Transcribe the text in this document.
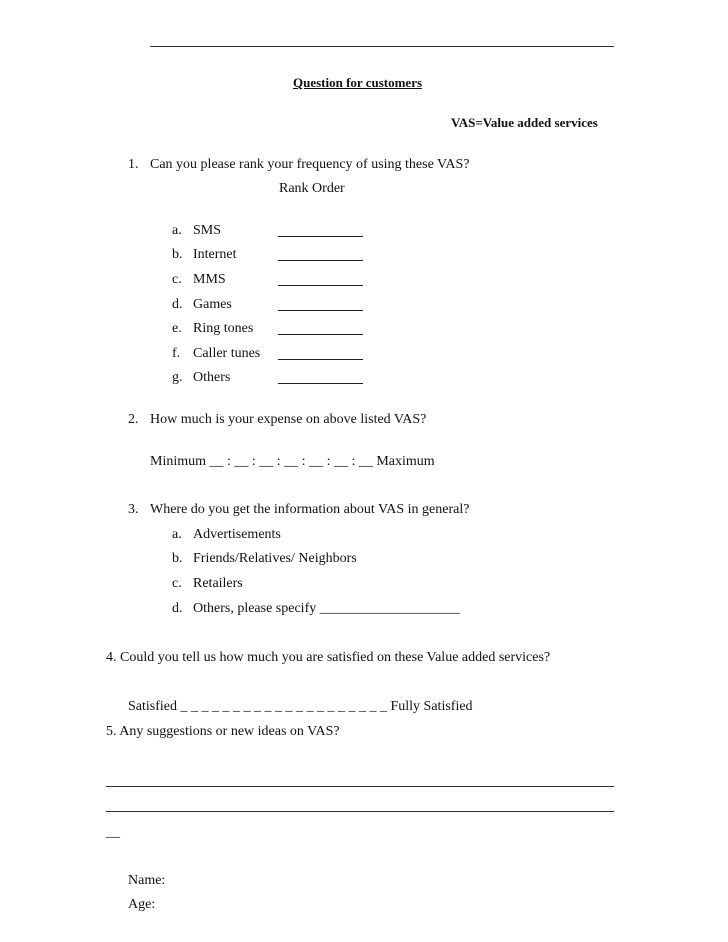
Question for customers
VAS=Value added services
1. Can you please rank your frequency of using these VAS?
Rank Order
a. SMS
b. Internet
c. MMS
d. Games
e. Ring tones
f. Caller tunes
g. Others
2. How much is your expense on above listed VAS?
Minimum __ : __ : __ : __ : __ : __ : __ Maximum
3. Where do you get the information about VAS in general?
a. Advertisements
b. Friends/Relatives/ Neighbors
c. Retailers
d. Others, please specify ____________________
4. Could you tell us how much you are satisfied on these Value added services?
Satisfied _ _ _ _ _ _ _ _ _ _ _ _ _ _ _ _ _ _ _ _ Fully Satisfied
5. Any suggestions or new ideas on VAS?
__
Name:
Age:
